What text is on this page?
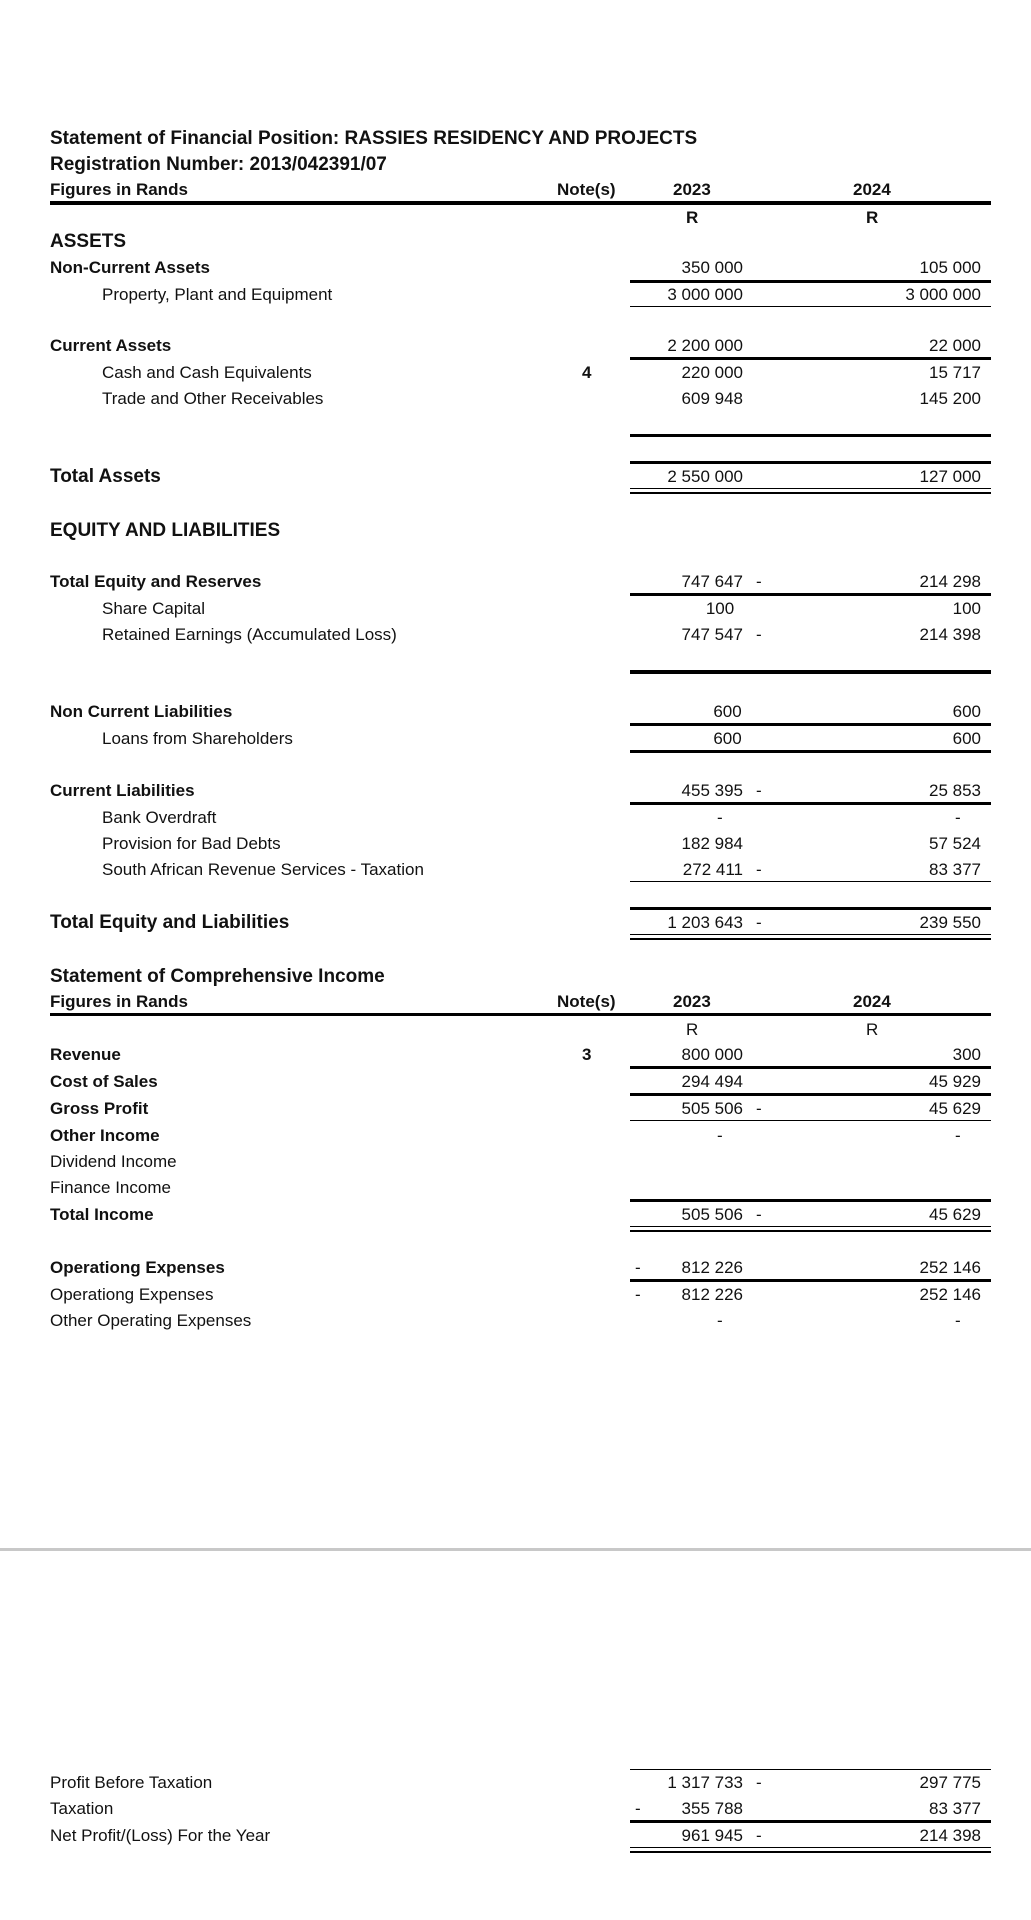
Statement of Financial Position: RASSIES RESIDENCY AND PROJECTS
Registration Number: 2013/042391/07
Figures in Rands	Note(s)	2023	2024
R	R
ASSETS
Non-Current Assets	350 000	105 000
Property, Plant and Equipment	3 000 000	3 000 000
Current Assets	2 200 000	22 000
Cash and Cash Equivalents	4	220 000	15 717
Trade and Other Receivables	609 948	145 200
Total Assets	2 550 000	127 000
EQUITY AND LIABILITIES
Total Equity and Reserves	747 647 -	214 298
Share Capital	100	100
Retained Earnings (Accumulated Loss)	747 547 -	214 398
Non Current Liabilities	600	600
Loans from Shareholders	600	600
Current Liabilities	455 395 -	25 853
Bank Overdraft	-	-
Provision for Bad Debts	182 984	57 524
South African Revenue Services - Taxation	272 411 -	83 377
Total Equity and Liabilities	1 203 643 -	239 550
Statement of Comprehensive Income
Figures in Rands	Note(s)	2023	2024
R	R
Revenue	3	800 000	300
Cost of Sales	294 494	45 929
Gross Profit	505 506 -	45 629
Other Income	-	-
Dividend Income
Finance Income
Total Income	505 506 -	45 629
Operationg Expenses	-	812 226	252 146
Operationg Expenses	-	812 226	252 146
Other Operating Expenses	-	-
Profit Before Taxation	1 317 733 -	297 775
Taxation	-	355 788	83 377
Net Profit/(Loss) For the Year	961 945 -	214 398
